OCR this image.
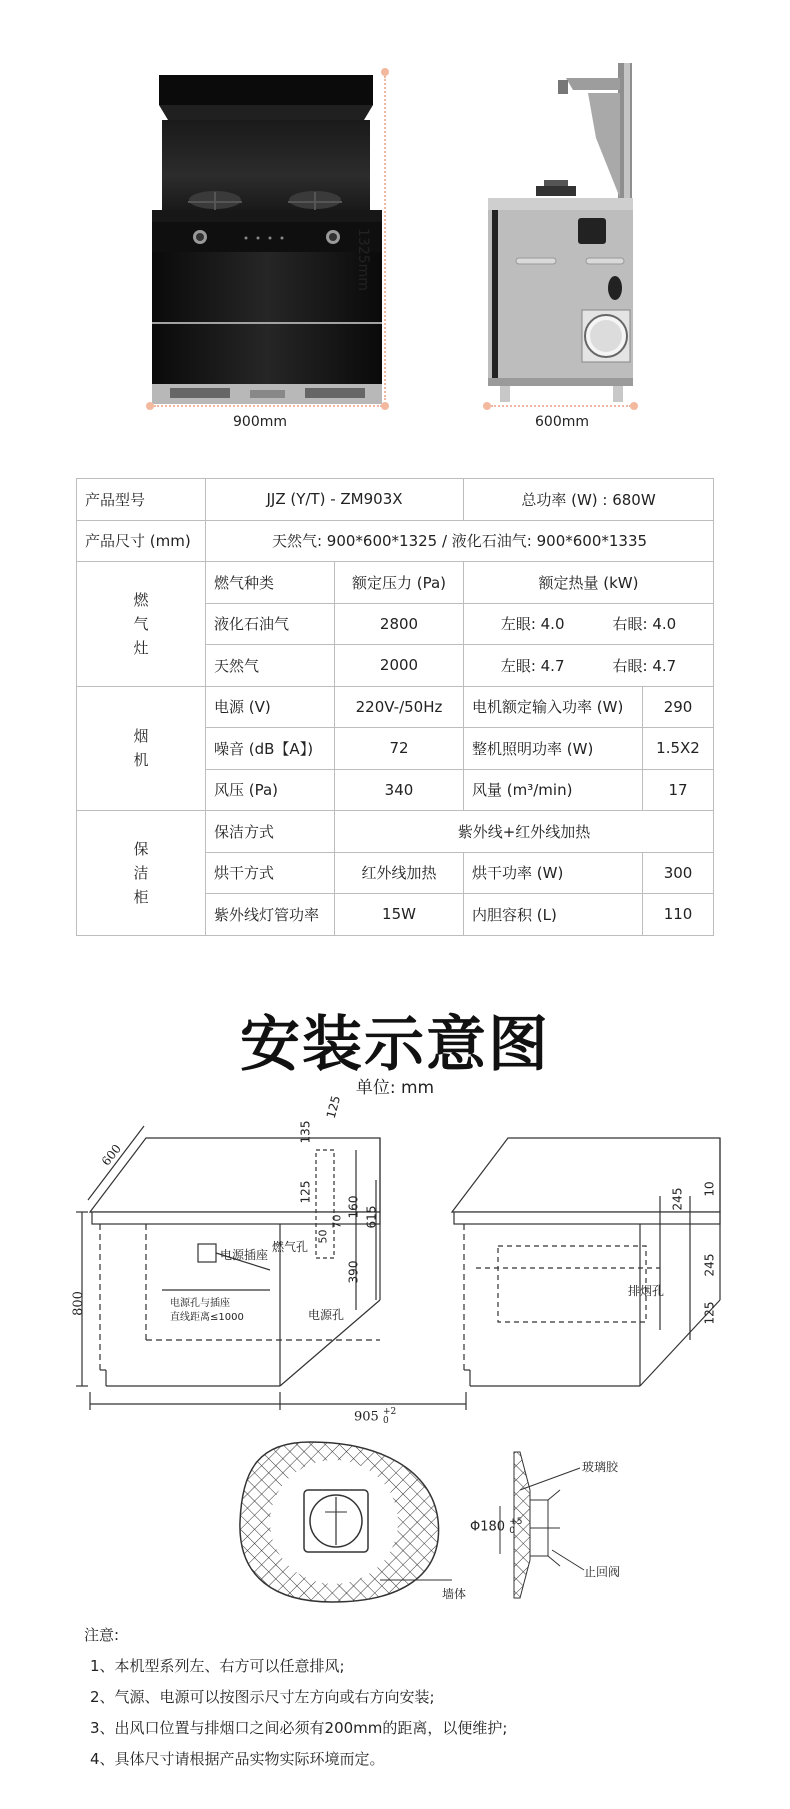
900mm
1325mm
600mm
产品型号	JJZ (Y/T) - ZM903X		总功率 (W) : 680W	
产品尺寸 (mm)	天然气: 900*600*1325 / 液化石油气: 900*600*1335			
燃
气
灶	燃气种类	额定压力 (Pa)	额定热量 (kW)	
	液化石油气	2800	左眼: 4.0 右眼: 4.0	

	天然气	2000	左眼: 4.7 右眼: 4.7	

烟
机	电源 (V)	220V-/50Hz	电机额定输入功率 (W)	290
	噪音 (dB【A】)	72	整机照明功率 (W)	1.5X2
	风压 (Pa)	340	风量 (m³/min)	17
保
洁
柜	保洁方式	紫外线+红外线加热		
	烘干方式	红外线加热	烘干功率 (W)	300
	紫外线灯管功率	15W	内胆容积 (L)	110
安装示意图
单位: mm
600
800
135
125
125
50
70
160 615
390
电源插座
燃气孔
电源孔
电源孔与插座
直线距离≤1000
905 +2
0
245 10
245
125
排烟孔
玻璃胶
止回阀
墙体
Φ180 +5
0
注意:
1、本机型系列左、右方可以任意排风;
2、气源、电源可以按图示尺寸左方向或右方向安装;
3、出风口位置与排烟口之间必须有200mm的距离，以便维护;
4、具体尺寸请根据产品实物实际环境而定。
